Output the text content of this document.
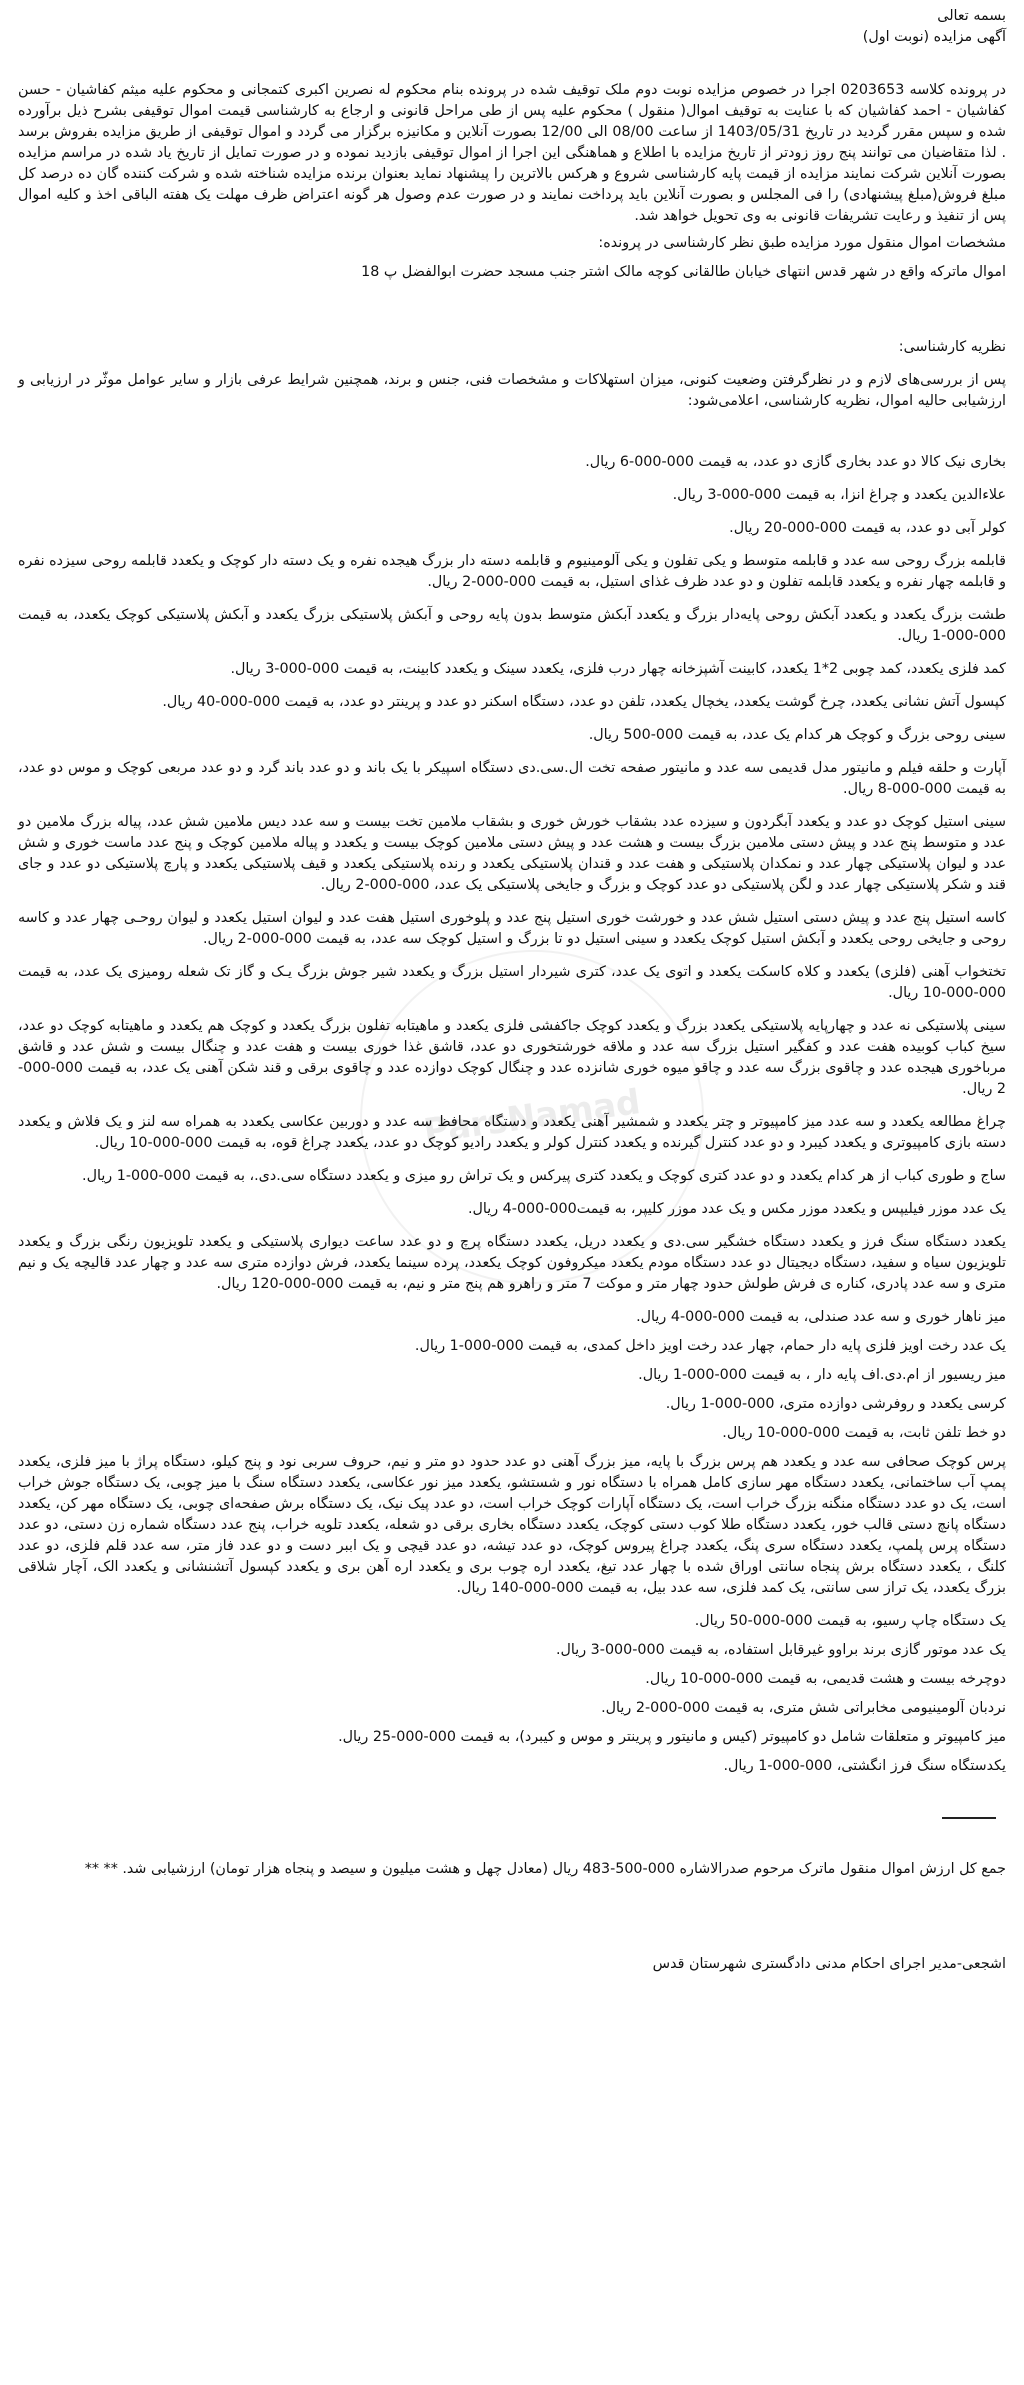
ParsNamad

بسمه تعالی

آگهی مزایده (نوبت اول)

در پرونده کلاسه 0203653 اجرا در خصوص مزایده نوبت دوم ملک توقیف شده در پرونده بنام محکوم له نصرین اکبری کتمجانی و محکوم علیه میثم کفاشیان - حسن کفاشیان - احمد کفاشیان که با عنایت به توقیف اموال( منقول ) محکوم علیه پس از طی مراحل قانونی و ارجاع به کارشناسی قیمت اموال توقیفی بشرح ذیل برآورده شده و سپس مقرر گردید در تاریخ 1403/05/31 از ساعت 08/00 الی 12/00 بصورت آنلاین و مکانیزه برگزار می گردد و اموال توقیفی از طریق مزایده بفروش برسد . لذا متقاضیان می توانند پنج روز زودتر از تاریخ مزایده با اطلاع و هماهنگی این اجرا از اموال توقیفی بازدید نموده و در صورت تمایل از تاریخ یاد شده در مراسم مزایده بصورت آنلاین شرکت نمایند مزایده از قیمت پایه کارشناسی شروع و هرکس بالاترین را پیشنهاد نماید بعنوان برنده مزایده شناخته شده و شرکت کننده گان ده درصد کل مبلغ فروش(مبلغ پیشنهادی) را فی المجلس و بصورت آنلاین باید پرداخت نمایند و در صورت عدم وصول هر گونه اعتراض ظرف مهلت یک هفته الباقی اخذ و کلیه اموال پس از تنفیذ و رعایت تشریفات قانونی به وی تحویل خواهد شد.

مشخصات اموال منقول مورد مزایده طبق نظر کارشناسی در پرونده:

اموال ماترکه واقع در شهر قدس انتهای خیابان طالقانی کوچه مالک اشتر جنب مسجد حضرت ابوالفضل پ 18

نظریه کارشناسی:

پس از بررسی‌های لازم و در نظرگرفتن وضعیت کنونی، میزان استهلاکات و مشخصات فنی، جنس و برند، همچنین شرایط عرفی بازار و سایر عوامل موثّر در ارزیابی و ارزشیابی حالیه اموال، نظریه کارشناسی، اعلامی‌شود:

بخاری نیک کالا دو عدد بخاری گازی دو عدد، به قیمت 000-000-6 ریال.

علاءالدین یکعدد و چراغ انزا، به قیمت 000-000-3 ریال.

کولر آبی دو عدد، به قیمت 000-000-20 ریال.

قابلمه بزرگ روحی سه عدد و قابلمه متوسط و یکی تفلون و یکی آلومینیوم و قابلمه دسته دار بزرگ هیجده نفره و یک دسته دار کوچک و یکعدد قابلمه روحی سیزده نفره و قابلمه چهار نفره و یکعدد قابلمه تفلون و دو عدد ظرف غذای استیل، به قیمت 000-000-2 ریال.

طشت بزرگ یکعدد و یکعدد آبکش روحی پایه‌دار بزرگ و یکعدد آبکش متوسط بدون پایه روحی و آبکش پلاستیکی بزرگ یکعدد و آبکش پلاستیکی کوچک یکعدد، به قیمت 000-000-1 ریال.

کمد فلزی یکعدد، کمد چوبی 2*1 یکعدد، کابینت آشپزخانه چهار درب فلزی، یکعدد سینک و یکعدد کابینت، به قیمت 000-000-3 ریال.

کپسول آتش نشانی یکعدد، چرخ گوشت یکعدد، یخچال یکعدد، تلفن دو عدد، دستگاه اسکنر دو عدد و پرینتر دو عدد، به قیمت 000-000-40 ریال.

سینی روحی بزرگ و کوچک هر کدام یک عدد، به قیمت 000-500 ریال.

آپارت و حلقه فیلم و مانیتور مدل قدیمی سه عدد و مانیتور صفحه تخت ال.سی.دی دستگاه اسپیکر با یک باند و دو عدد باند گرد و دو عدد مربعی کوچک و موس دو عدد، به قیمت 000-000-8 ریال.

سینی استیل کوچک دو عدد و یکعدد آبگردون و سیزده عدد بشقاب خورش خوری و بشقاب ملامین تخت بیست و سه عدد دیس ملامین شش عدد، پیاله بزرگ ملامین دو عدد و متوسط پنج عدد و پیش دستی ملامین بزرگ بیست و هشت عدد و پیش دستی ملامین کوچک بیست و یکعدد و پیاله ملامین کوچک و پنج عدد ماست خوری و شش عدد و لیوان پلاستیکی چهار عدد و نمکدان پلاستیکی و هفت عدد و قندان پلاستیکی یکعدد و رنده پلاستیکی یکعدد و قیف پلاستیکی یکعدد و پارچ پلاستیکی دو عدد و جای قند و شکر پلاستیکی چهار عدد و لگن پلاستیکی دو عدد کوچک و بزرگ و جایخی پلاستیکی یک عدد، 000-000-2 ریال.

کاسه استیل پنج عدد و پیش دستی استیل شش عدد و خورشت خوری استیل پنج عدد و پلوخوری استیل هفت عدد و لیوان استیل یکعدد و لیوان روحـی چهار عدد و کاسه روحی و جایخی روحی یکعدد و آبکش استیل کوچک یکعدد و سینی استیل دو تا بزرگ و استیل کوچک سه عدد، به قیمت 000-000-2 ریال.

تختخواب آهنی (فلزی) یکعدد و کلاه کاسکت یکعدد و اتوی یک عدد، کتری شیردار استیل بزرگ و یکعدد شیر جوش بزرگ یـک و گاز تک شعله رومیزی یک عدد، به قیمت 000-000-10 ریال.

سینی پلاستیکی نه عدد و چهارپایه پلاستیکی یکعدد بزرگ و یکعدد کوچک جاکفشی فلزی یکعدد و ماهیتابه تفلون بزرگ یکعدد و کوچک هم یکعدد و ماهیتابه کوچک دو عدد، سیخ کباب کوبیده هفت عدد و کفگیر استیل بزرگ سه عدد و ملاقه خورشتخوری دو عدد، قاشق غذا خوری بیست و هفت عدد و چنگال بیست و شش عدد و قاشق مرباخوری هیجده عدد و چاقوی بزرگ سه عدد و چاقو میوه خوری شانزده عدد و چنگال کوچک دوازده عدد و چاقوی برقی و قند شکن آهنی یک عدد، به قیمت 000-000-2 ریال.

چراغ مطالعه یکعدد و سه عدد میز کامپیوتر و چتر یکعدد و شمشیر آهنی یکعدد و دستگاه محافظ سه عدد و دوربین عکاسی یکعدد به همراه سه لنز و یک فلاش و یکعدد دسته بازی کامپیوتری و یکعدد کیبرد و دو عدد کنترل گیرنده و یکعدد کنترل کولر و یکعدد رادیو کوچک دو عدد، یکعدد چراغ قوه، به قیمت 000-000-10 ریال.

ساج و طوری کباب از هر کدام یکعدد و دو عدد کتری کوچک و یکعدد کتری پیرکس و یک تراش رو میزی و یکعدد دستگاه سی.دی.، به قیمت 000-000-1 ریال.

یک عدد موزر فیلیپس و یکعدد موزر مکس و یک عدد موزر کلیپر، به قیمت000-000-4 ریال.

یکعدد دستگاه سنگ فرز و یکعدد دستگاه خشگیر سی.دی و یکعدد دریل، یکعدد دستگاه پرچ و دو عدد ساعت دیواری پلاستیکی و یکعدد تلویزیون رنگی بزرگ و یکعدد تلویزیون سیاه و سفید، دستگاه دیجیتال دو عدد دستگاه مودم یکعدد میکروفون کوچک یکعدد، پرده سینما یکعدد، فرش دوازده متری سه عدد و چهار عدد قالیچه یک و نیم متری و سه عدد پادری، کناره ی فرش طولش حدود چهار متر و موکت 7 متر و راهرو هم پنج متر و نیم، به قیمت 000-000-120 ریال.

میز ناهار خوری و سه عدد صندلی، به قیمت 000-000-4 ریال.

یک عدد رخت اویز فلزی پایه دار حمام، چهار عدد رخت اویز داخل کمدی، به قیمت 000-000-1 ریال.

میز ریسیور از ام.دی.اف پایه دار ، به قیمت 000-000-1 ریال.

کرسی یکعدد و روفرشی دوازده متری، 000-000-1 ریال.

دو خط تلفن ثابت، به قیمت 000-000-10 ریال.

پرس کوچک صحافی سه عدد و یکعدد هم پرس بزرگ با پایه، میز بزرگ آهنی دو عدد حدود دو متر و نیم، حروف سربی نود و پنج کیلو، دستگاه پراژ با میز فلزی، یکعدد پمپ آب ساختمانی، یکعدد دستگاه مهر سازی کامل همراه با دستگاه نور و شستشو، یکعدد میز نور عکاسی، یکعدد دستگاه سنگ با میز چوبی، یک دستگاه جوش خراب است، یک دو عدد دستگاه منگنه بزرگ خراب است، یک دستگاه آپارات کوچک خراب است، دو عدد پیک نیک، یک دستگاه برش صفحه‌ای چوبی، یک دستگاه مهر کن، یکعدد دستگاه پانچ دستی قالب خور، یکعدد دستگاه طلا کوب دستی کوچک، یکعدد دستگاه بخاری برقی دو شعله، یکعدد تلویه خراب، پنج عدد دستگاه شماره زن دستی، دو عدد دستگاه پرس پلمپ، یکعدد دستگاه سری پنگ، یکعدد چراغ پیروس کوچک، دو عدد تیشه، دو عدد قیچی و یک اببر دست و دو عدد فاز متر، سه عدد قلم فلزی، دو عدد کلنگ ، یکعدد دستگاه برش پنجاه سانتی اوراق شده با چهار عدد تیغ، یکعدد اره چوب بری و یکعدد اره آهن بری و یکعدد کپسول آتشنشانی و یکعدد الک، آچار شلاقی بزرگ یکعدد، یک تراز سی سانتی، یک کمد فلزی، سه عدد بیل، به قیمت 000-000-140 ریال.

یک دستگاه چاپ رسیو، به قیمت 000-000-50 ریال.

یک عدد موتور گازی برند براوو غیرقابل استفاده، به قیمت 000-000-3 ریال.

دوچرخه بیست و هشت قدیمی، به قیمت 000-000-10 ریال.

نردبان آلومینیومی مخابراتی شش متری، به قیمت 000-000-2 ریال.

میز کامپیوتر و متعلقات شامل دو کامپیوتر (کیس و مانیتور و پرینتر و موس و کیبرد)، به قیمت 000-000-25 ریال.

یکدستگاه سنگ فرز انگشتی، 000-000-1 ریال.

جمع کل ارزش اموال منقول ماترک مرحوم صدرالاشاره 000-500-483 ریال (معادل چهل و هشت میلیون و سیصد و پنجاه هزار تومان) ارزشیابی شد. ** **

اشجعی-مدیر اجرای احکام مدنی دادگستری شهرستان قدس
